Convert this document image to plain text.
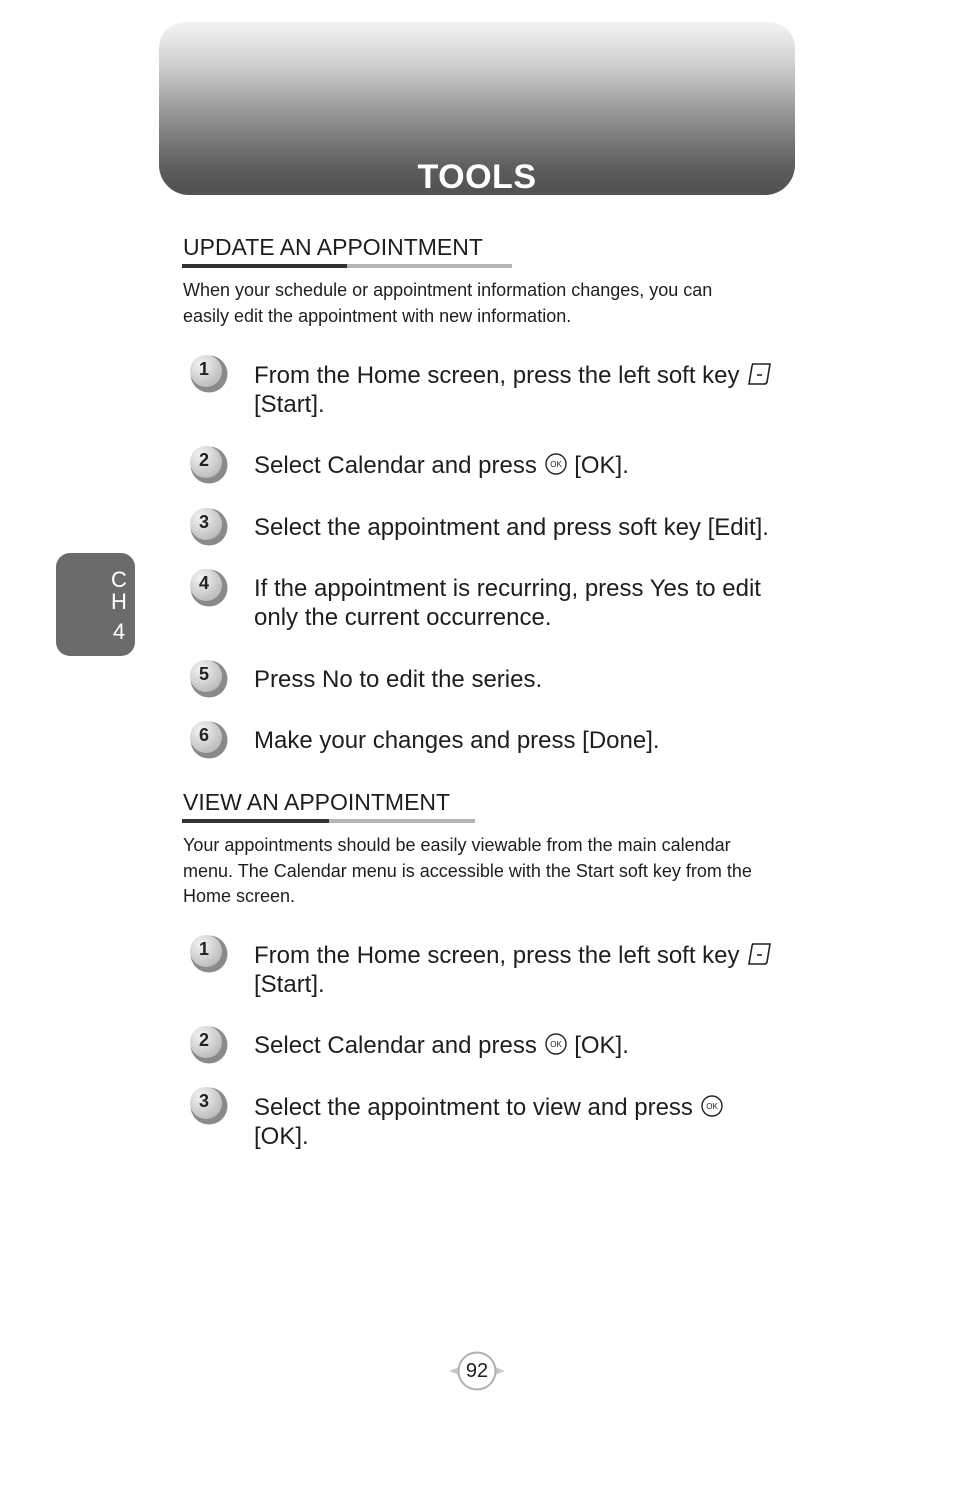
TOOLS
C
H
4
UPDATE AN APPOINTMENT
When your schedule or appointment information changes, you can
easily edit the appointment with new information.
1 From the Home screen, press the left soft key
[Start].
2 Select Calendar and press OK [OK].
3 Select the appointment and press soft key [Edit].
4 If the appointment is recurring, press Yes to edit
only the current occurrence.
5 Press No to edit the series.
6 Make your changes and press [Done].
VIEW AN APPOINTMENT
Your appointments should be easily viewable from the main calendar
menu. The Calendar menu is accessible with the Start soft key from the
Home screen.
1 From the Home screen, press the left soft key
[Start].
2 Select Calendar and press OK [OK].
3 Select the appointment to view and press OK
[OK].
92
